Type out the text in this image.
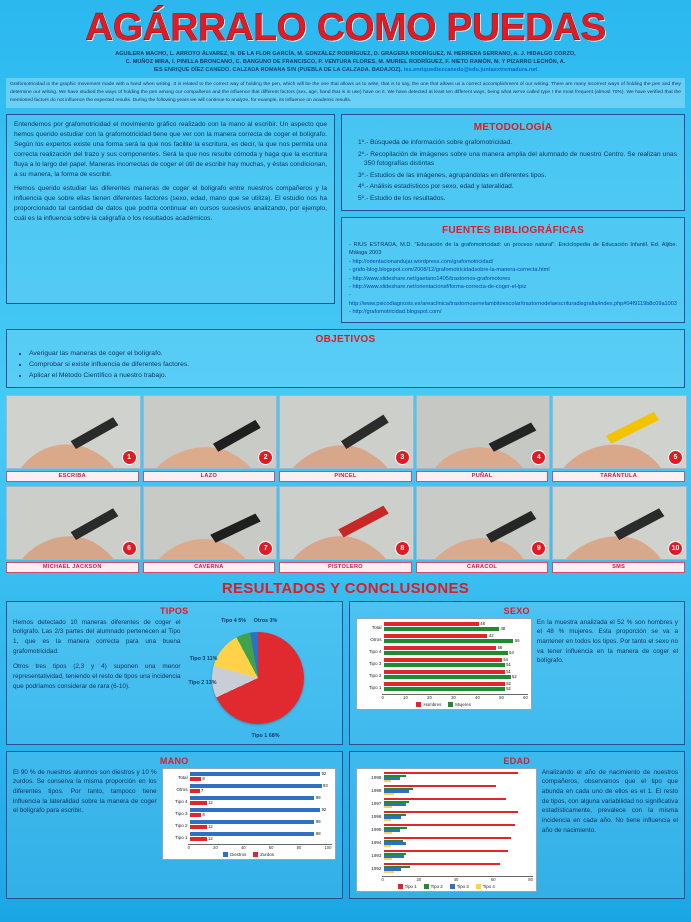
AGÁRRALO COMO PUEDAS
AGUILERA MACHO, L. ARROYO ÁLVAREZ, N. DE LA FLOR GARCÍA, M. GONZÁLEZ RODRÍGUEZ, D. GRAGERA RODRÍGUEZ, N. HERRERA SERRANO, A. J. HIDALGO CORZO,
C. MUÑOZ MIRA, I. PINILLA BRONCANO, C. BANGUNO DE FRANCISCO, P. VENTURA FLORES, M. MURIEL RODRÍGUEZ, F. NIETO RAMÓN, M. Y PIZARRO LECHÓN, A.
IES ENRIQUE DÍEZ CANEDO. CALZADA ROMANA S/N (PUEBLA DE LA CALZADA. BADAJOZ). ies.enriquediezcanedo@edu.juntaextremadura.net
Grafomotricidad is the graphic movement made with a hand when writing. It is related to the correct way of holding the pen, which will be the one that allows us to write, that is to say, the one that allows us a correct accomplishment of our writing. There are many incorrect ways of holding the pen and they determine our writing. We have studied the ways of holding the pen among our compañeros and the influence that different factors (sex, age, hand that is in use) have on it. We have detected at least ten different ways, being what we've called type I the most frequent (almost 70%). We have verified that the mentioned factors do not influence the expected results. During the following years we will continue to analyze, for example, its influence on academic results.

Entendemos por grafomotricidad el movimiento gráfico realizado con la mano al escribir. Un aspecto que hemos querido estudiar con la grafomotricidad tiene que ver con la manera correcta de coger el bolígrafo. Según los expertos existe una forma será la que nos facilite la escritura, es decir, la que nos permita una correcta realización del trazo y sus componentes. Será la que nos resulte cómoda y haga que la escritura fluya a lo largo del papel. Maneras incorrectas de coger el útil de escribir hay muchas, y éstas condicionan, a su manera, la forma de escribir.

Hemos querido estudiar las diferentes maneras de coger el bolígrafo entre nuestros compañeros y la influencia que sobre ellas tienen diferentes factores (sexo, edad, mano que se utiliza). El estudio nos ha proporcionado tal cantidad de datos que podría continuar en cursos sucesivos analizando, por ejemplo, cuál es la influencia sobre la caligrafía o los resultados académicos.

METODOLOGÍA
1º.- Búsqueda de información sobre grafomotricidad.
2º.- Recopilación de imágenes sobre una manera amplia del alumnado de nuestro Centro. Se realizan unas 350 fotografías distintas
3º.- Estudios de las imágenes, agrupándolas en diferentes tipos.
4º.- Análisis estadísticos por sexo, edad y lateralidad.
5º.- Estudio de los resultados.
FUENTES BIBLIOGRÁFICAS
- RIUS ESTRADA, M.D. "Educación de la grafomotricidad: un proceso natural". Enciclopedia de Educación Infantil. Ed. Aljibe. Málaga 2003
- http://orientacionandujar.wordpress.com/grafomotricidad/
- grafo-blog.blogspot.com/2008/12/grafomotricidadsobre-la-manera-correcta.html
- http://www.slideshare.net/gaetano1405/trastornos-grafomotores
- http://www.slideshare.net/orientacionsf/forma-correcta-de-coger-el-lpiz
- http://www.psicodiagnosis.es/areaclinica/trastornosenelambitoescolar/trastornodelaescrituradisgrafia/index.php#04f9119b8c09a1003
- http://grafomotricidad.blogspot.com/
OBJETIVOS
• Averiguar las maneras de coger el bolígrafo.
• Comprobar si existe influencia de diferentes factores.
• Aplicar el Método Científico a nuestro trabajo.
1
ESCRIBA
2
LAZO
3
PINCEL
4
PUÑAL
5
TARÁNTULA
6
MICHAEL JACKSON
7
CAVERNA
8
PISTOLERO
9
CARACOL
10
SMS
RESULTADOS Y CONCLUSIONES
TIPOS

Hemos detectado 10 maneras diferentes de coger el bolígrafo. Las 2/3 partes del alumnado pertenecen al Tipo 1, que es la manera correcta para una buena grafomotricidad.

Otros tres tipos (2,3 y 4) suponen una menor representatividad, teniendo el resto de tipos una incidencia que podríamos considerar de rara (6-10).

Tipo 1 68%
Tipo 2 13%
Tipo 3 11%
Tipo 4 5%	Otros 3%
SEXO
Total
48
48
Otros
42
56
Tipo 4
56
54
Tipo 3
54
51
Tipo 2
51
52
Tipo 1
52
52
0	10	20	30	40	50	60
Hombres	Mujeres
En la muestra analizada el 52 % son hombres y el 48 % mujeres. Esta proporción se va a mantener en todos los tipos. Por tanto el sexo no va tener influencia en la manera de coger el bolígrafo.
MANO
El 90 % de nuestros alumnos son diestros y 10 % zurdos. Se conserva la misma proporción en los diferentes tipos. Por tanto, tampoco tiene influencia la lateralidad sobre la manera de coger el bolígrafo para escribir.
Total
92
8
Otros
93
7
Tipo 4
88
12
Tipo 3
92
8
Tipo 2
88
12
Tipo 1
88
12
0	20	40	60	80	100
Diestros	Zurdos
EDAD
1999
1998
1997
1996
1995
1994
1993
1992
0	20	40	60	80
Tipo 1	Tipo 2	Tipo 3	Tipo 4
Analizando el año de nacimiento de nuestros compañeros, observamos que el tipo que abunda en cada uno de ellos es el 1. El resto de tipos, con alguna variabilidad no significativa estadísticamente, prevalece con la misma incidencia en cada año. No tiene influencia el año de nacimiento.
